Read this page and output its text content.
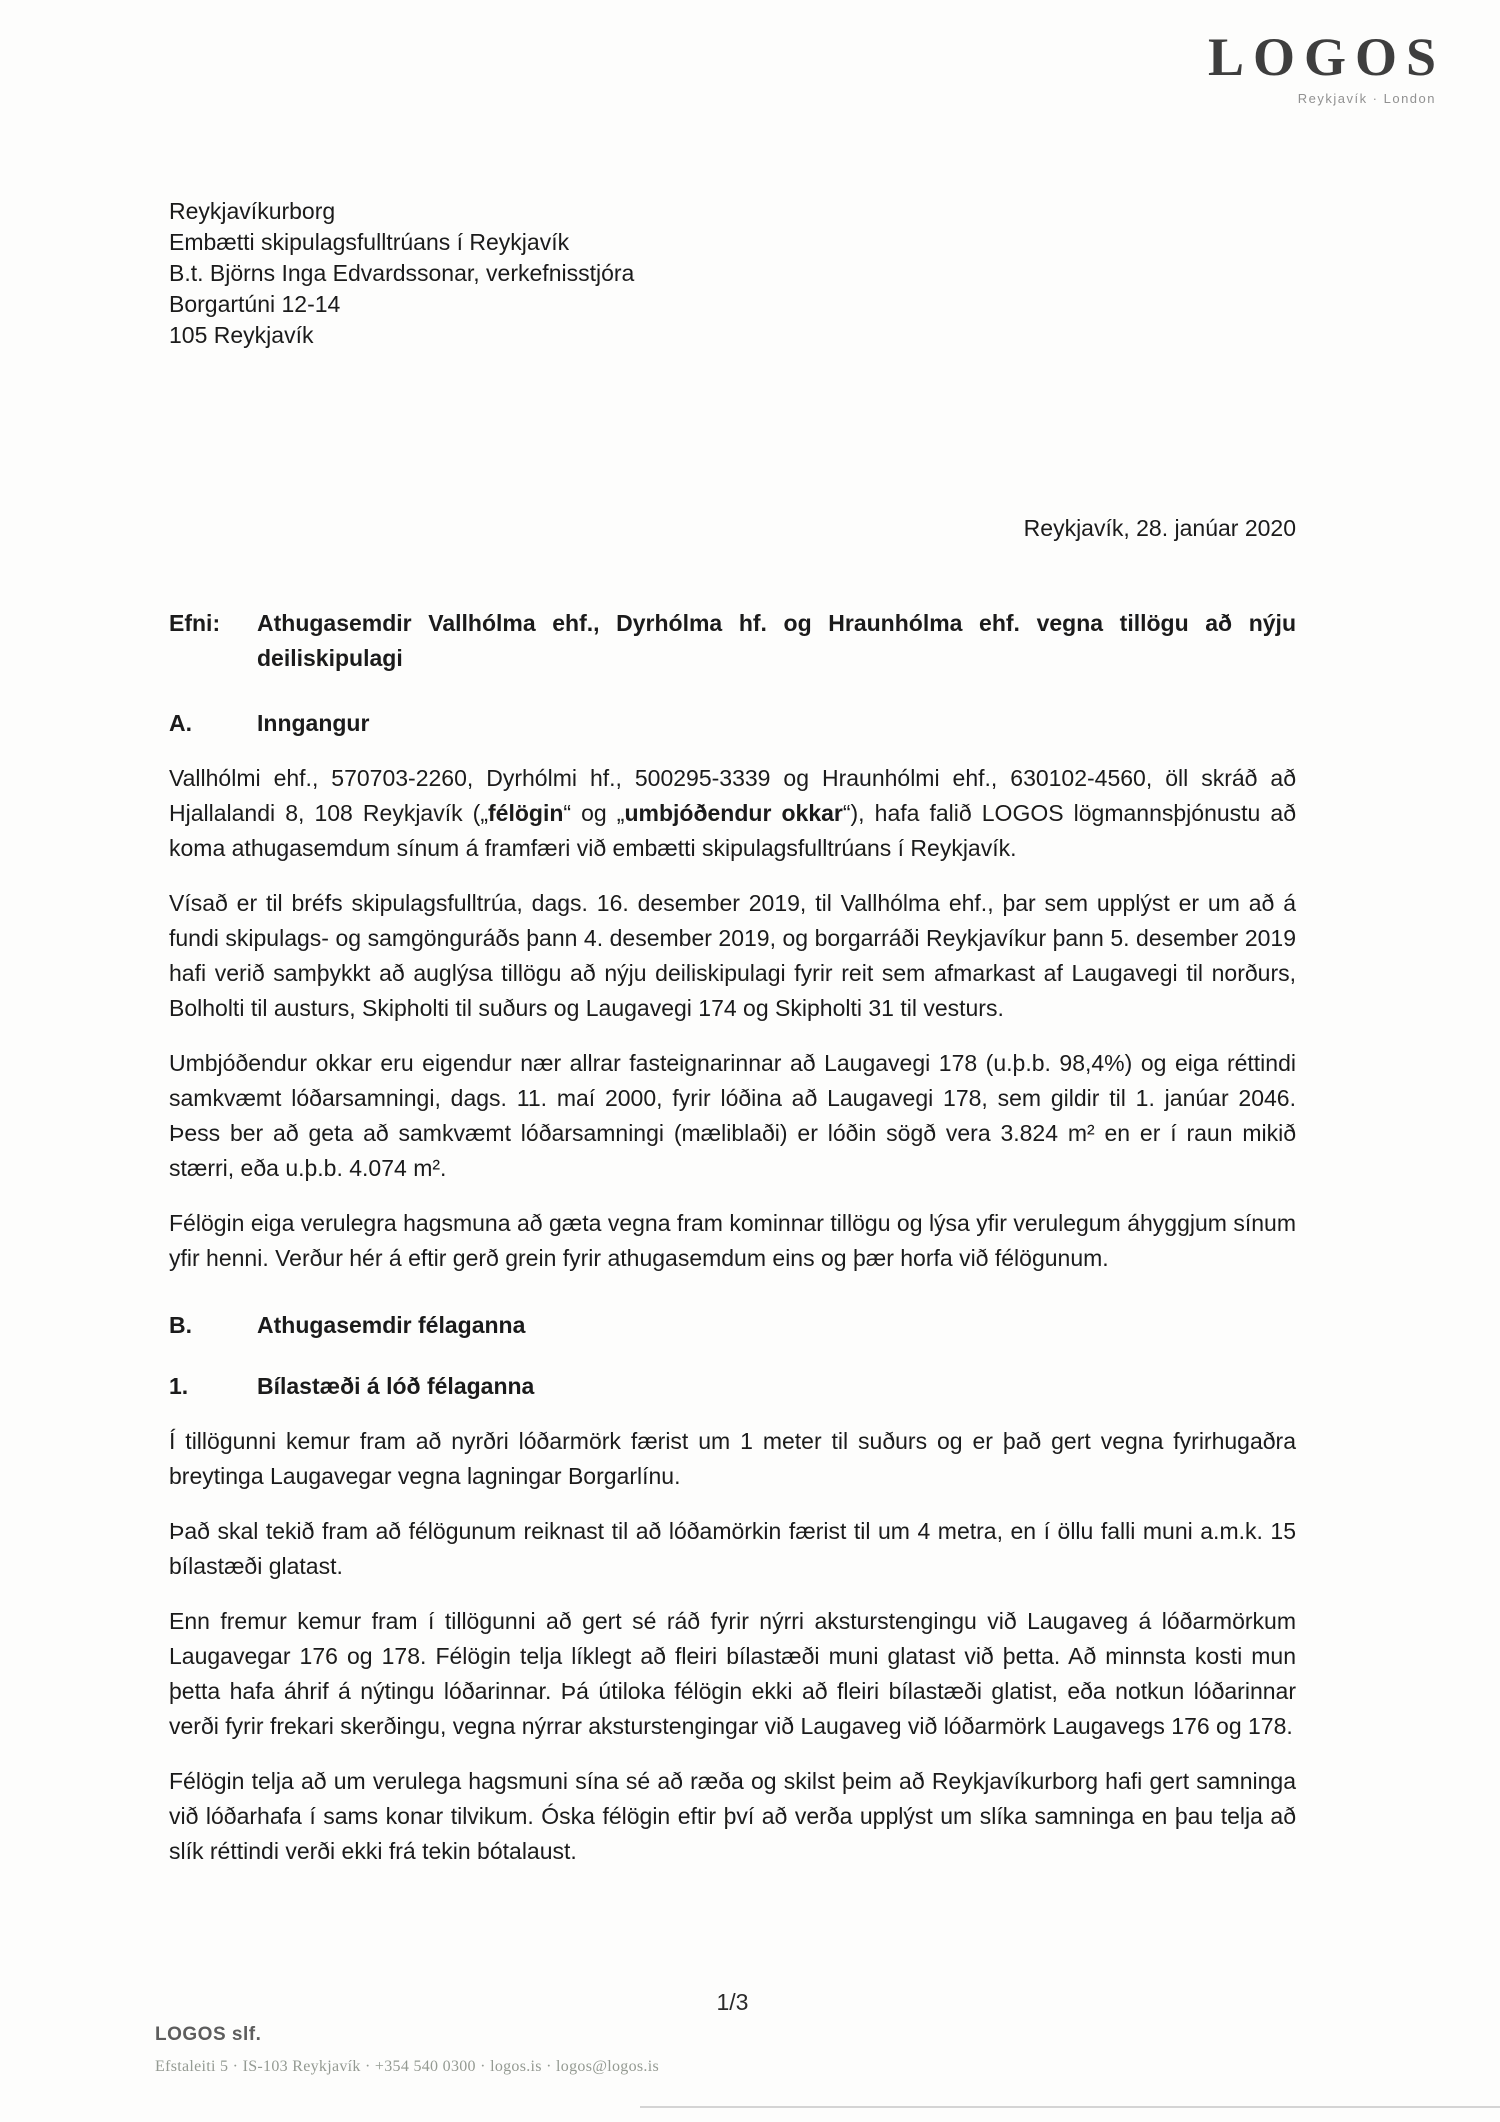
LOGOS
Reykjavík · London
Reykjavíkurborg
Embætti skipulagsfulltrúans í Reykjavík
B.t. Björns Inga Edvardssonar, verkefnisstjóra
Borgartúni 12-14
105 Reykjavík
Reykjavík, 28. janúar 2020
Efni:	Athugasemdir Vallhólma ehf., Dyrhólma hf. og Hraunhólma ehf. vegna tillögu að nýju deiliskipulagi
A.	Inngangur

Vallhólmi ehf., 570703-2260, Dyrhólmi hf., 500295-3339 og Hraunhólmi ehf., 630102-4560, öll skráð að Hjallalandi 8, 108 Reykjavík („félögin“ og „umbjóðendur okkar“), hafa falið LOGOS lögmannsþjónustu að koma athugasemdum sínum á framfæri við embætti skipulagsfulltrúans í Reykjavík.

Vísað er til bréfs skipulagsfulltrúa, dags. 16. desember 2019, til Vallhólma ehf., þar sem upplýst er um að á fundi skipulags- og samgönguráðs þann 4. desember 2019, og borgarráði Reykjavíkur þann 5. desember 2019 hafi verið samþykkt að auglýsa tillögu að nýju deiliskipulagi fyrir reit sem afmarkast af Laugavegi til norðurs, Bolholti til austurs, Skipholti til suðurs og Laugavegi 174 og Skipholti 31 til vesturs.

Umbjóðendur okkar eru eigendur nær allrar fasteignarinnar að Laugavegi 178 (u.þ.b. 98,4%) og eiga réttindi samkvæmt lóðarsamningi, dags. 11. maí 2000, fyrir lóðina að Laugavegi 178, sem gildir til 1. janúar 2046. Þess ber að geta að samkvæmt lóðarsamningi (mæliblaði) er lóðin sögð vera 3.824 m² en er í raun mikið stærri, eða u.þ.b. 4.074 m².

Félögin eiga verulegra hagsmuna að gæta vegna fram kominnar tillögu og lýsa yfir verulegum áhyggjum sínum yfir henni. Verður hér á eftir gerð grein fyrir athugasemdum eins og þær horfa við félögunum.

B.	Athugasemdir félaganna
1.	Bílastæði á lóð félaganna

Í tillögunni kemur fram að nyrðri lóðarmörk færist um 1 meter til suðurs og er það gert vegna fyrirhugaðra breytinga Laugavegar vegna lagningar Borgarlínu.

Það skal tekið fram að félögunum reiknast til að lóðamörkin færist til um 4 metra, en í öllu falli muni a.m.k. 15 bílastæði glatast.

Enn fremur kemur fram í tillögunni að gert sé ráð fyrir nýrri aksturstengingu við Laugaveg á lóðarmörkum Laugavegar 176 og 178. Félögin telja líklegt að fleiri bílastæði muni glatast við þetta. Að minnsta kosti mun þetta hafa áhrif á nýtingu lóðarinnar. Þá útiloka félögin ekki að fleiri bílastæði glatist, eða notkun lóðarinnar verði fyrir frekari skerðingu, vegna nýrrar aksturstengingar við Laugaveg við lóðarmörk Laugavegs 176 og 178.

Félögin telja að um verulega hagsmuni sína sé að ræða og skilst þeim að Reykjavíkurborg hafi gert samninga við lóðarhafa í sams konar tilvikum. Óska félögin eftir því að verða upplýst um slíka samninga en þau telja að slík réttindi verði ekki frá tekin bótalaust.

1/3
LOGOS slf.
Efstaleiti 5 · IS-103 Reykjavík · +354 540 0300 · logos.is · logos@logos.is
